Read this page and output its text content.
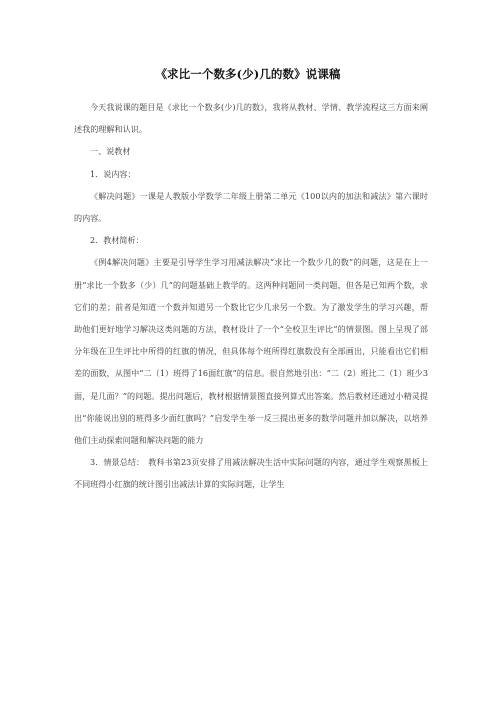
《求比一个数多(少)几的数》说课稿

今天我说课的题目是《求比一个数多(少)几的数》，我将从教材、学情、教学流程这三方面来阐述我的理解和认识。

一、说教材

1．说内容：

《解决问题》一课是人教版小学数学二年级上册第二单元《100以内的加法和减法》第六课时的内容。

2．教材简析：

《例4解决问题》主要是引导学生学习用减法解决“求比一个数少几的数”的问题，这是在上一册“求比一个数多（少）几”的问题基础上教学的。这两种问题同一类问题，但各是已知两个数，求它们的差；前者是知道一个数并知道另一个数比它少几求另一个数。为了激发学生的学习兴趣，帮助他们更好地学习解决这类问题的方法，教材设计了一个“全校卫生评比”的情景图。图上呈现了部分年级在卫生评比中所得的红旗的情况，但具体每个班所得红旗数没有全部画出，只能看出它们相差的面数，从图中“二（1）班得了16面红旗”的信息。很自然地引出：“二（2）班比二（1）班少3面，是几面？”的问题。提出问题后，教材根据情景图直接列算式出答案。然后教材还通过小精灵提出“你能说出别的班得多少面红旗吗？”启发学生举一反三提出更多的数学问题并加以解决，以培养他们主动探索问题和解决问题的能力

3．情景总结：　教科书第23页安排了用减法解决生活中实际问题的内容，通过学生观察黑板上不同班得小红旗的统计图引出减法计算的实际问题，让学生
